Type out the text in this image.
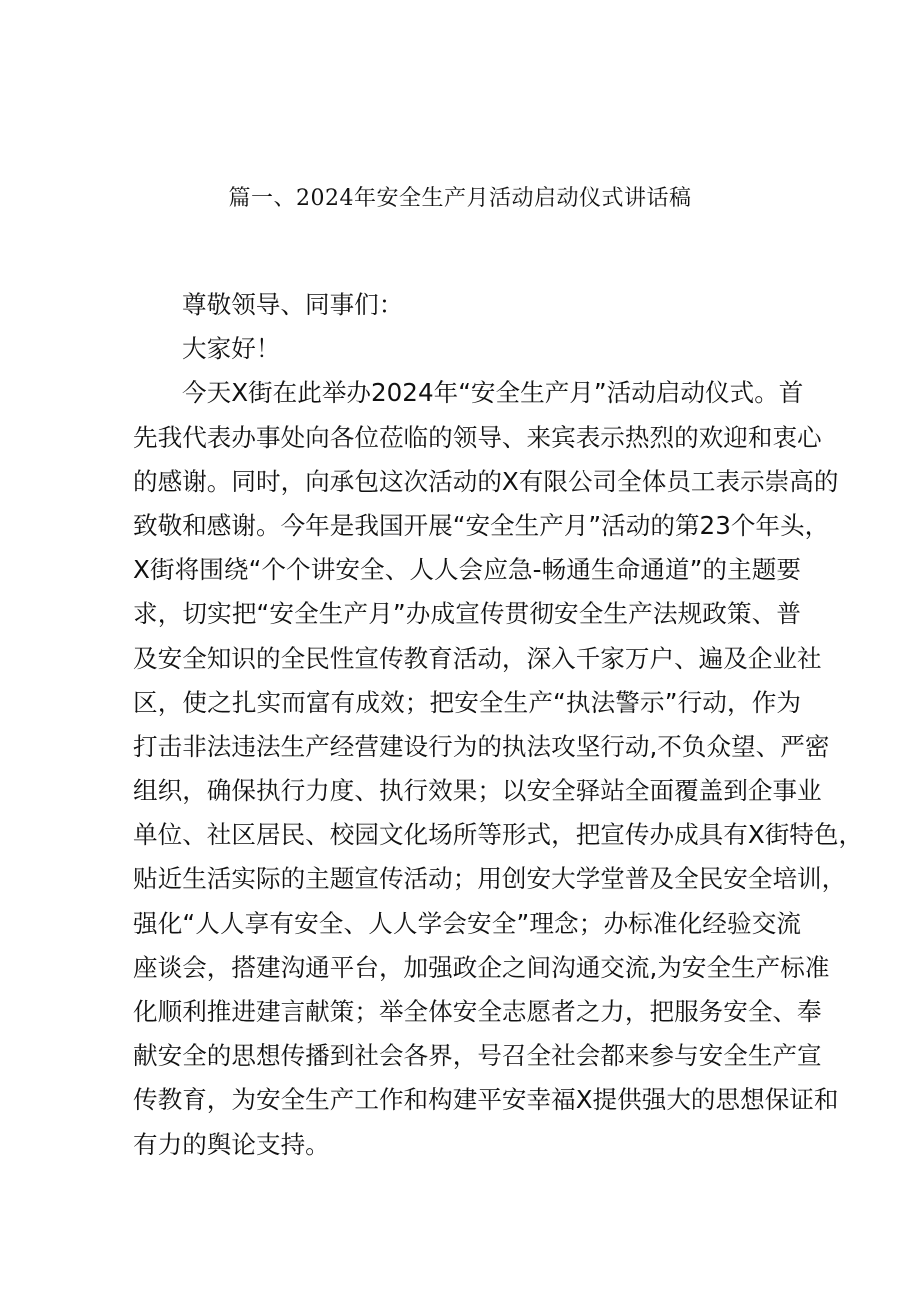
篇一、2024年安全生产月活动启动仪式讲话稿
尊敬领导、同事们：
大家好！
今天X街在此举办2024年“安全生产月”活动启动仪式。首
先我代表办事处向各位莅临的领导、来宾表示热烈的欢迎和衷心
的感谢。同时，向承包这次活动的X有限公司全体员工表示崇高的
致敬和感谢。今年是我国开展“安全生产月”活动的第23个年头，
X街将围绕“个个讲安全、人人会应急-畅通生命通道”的主题要
求，切实把“安全生产月”办成宣传贯彻安全生产法规政策、普
及安全知识的全民性宣传教育活动，深入千家万户、遍及企业社
区，使之扎实而富有成效；把安全生产“执法警示”行动，作为
打击非法违法生产经营建设行为的执法攻坚行动,不负众望、严密
组织，确保执行力度、执行效果；以安全驿站全面覆盖到企事业
单位、社区居民、校园文化场所等形式，把宣传办成具有X街特色，
贴近生活实际的主题宣传活动；用创安大学堂普及全民安全培训，
强化“人人享有安全、人人学会安全”理念；办标准化经验交流
座谈会，搭建沟通平台，加强政企之间沟通交流,为安全生产标准
化顺利推进建言献策；举全体安全志愿者之力，把服务安全、奉
献安全的思想传播到社会各界，号召全社会都来参与安全生产宣
传教育，为安全生产工作和构建平安幸福X提供强大的思想保证和
有力的舆论支持。
